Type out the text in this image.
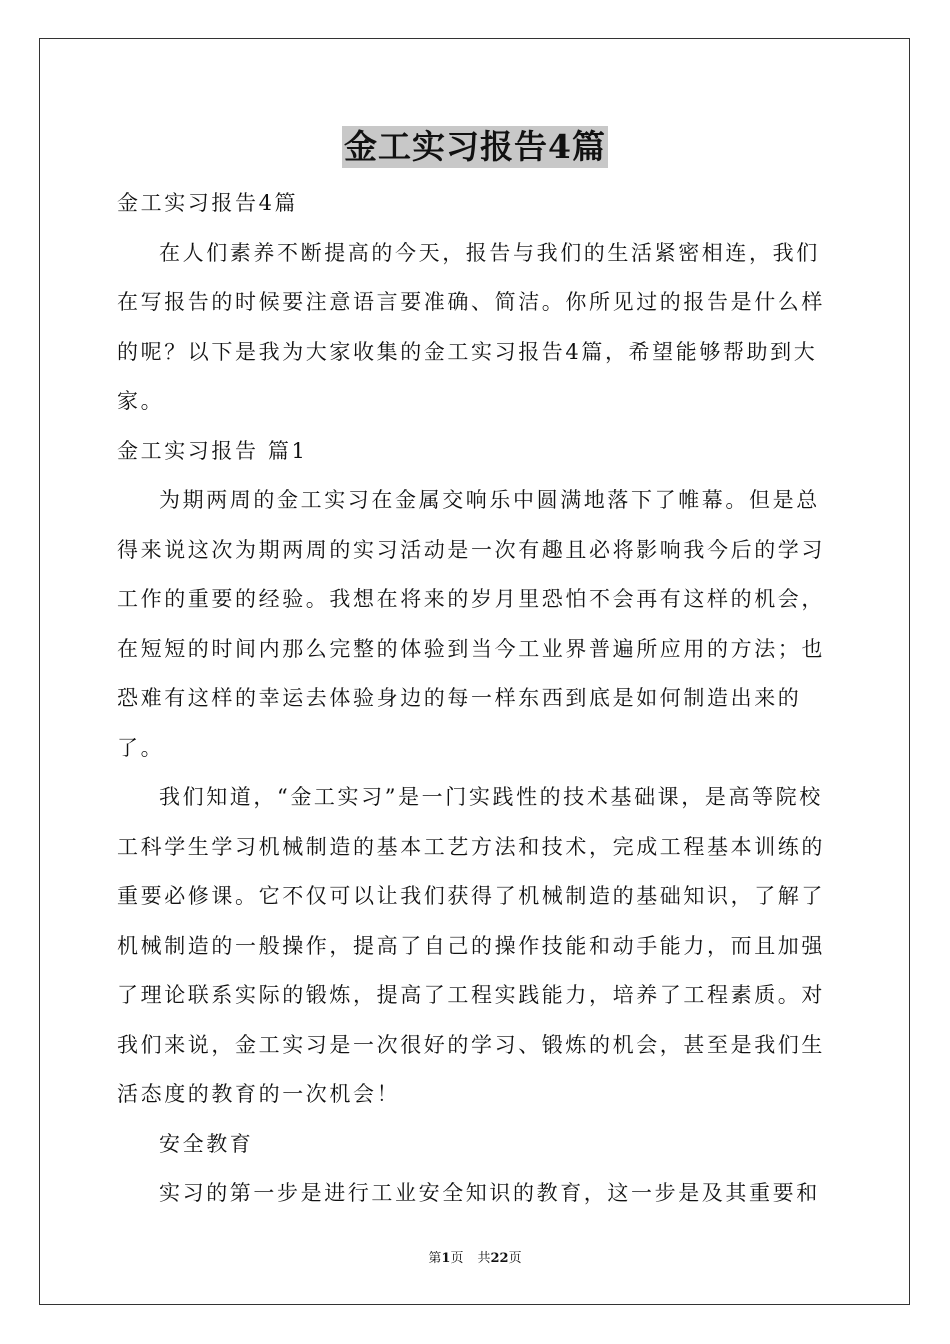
金工实习报告4篇

金工实习报告4篇

在人们素养不断提高的今天，报告与我们的生活紧密相连，我们在写报告的时候要注意语言要准确、简洁。你所见过的报告是什么样的呢？以下是我为大家收集的金工实习报告4篇，希望能够帮助到大家。

金工实习报告 篇1

为期两周的金工实习在金属交响乐中圆满地落下了帷幕。但是总得来说这次为期两周的实习活动是一次有趣且必将影响我今后的学习工作的重要的经验。我想在将来的岁月里恐怕不会再有这样的机会，在短短的时间内那么完整的体验到当今工业界普遍所应用的方法；也恐难有这样的幸运去体验身边的每一样东西到底是如何制造出来的了。

我们知道，“金工实习”是一门实践性的技术基础课，是高等院校工科学生学习机械制造的基本工艺方法和技术，完成工程基本训练的重要必修课。它不仅可以让我们获得了机械制造的基础知识，了解了机械制造的一般操作，提高了自己的操作技能和动手能力，而且加强了理论联系实际的锻炼，提高了工程实践能力，培养了工程素质。对我们来说，金工实习是一次很好的学习、锻炼的机会，甚至是我们生活态度的教育的一次机会！

安全教育

实习的第一步是进行工业安全知识的教育，这一步是及其重要和

第1页 共22页
